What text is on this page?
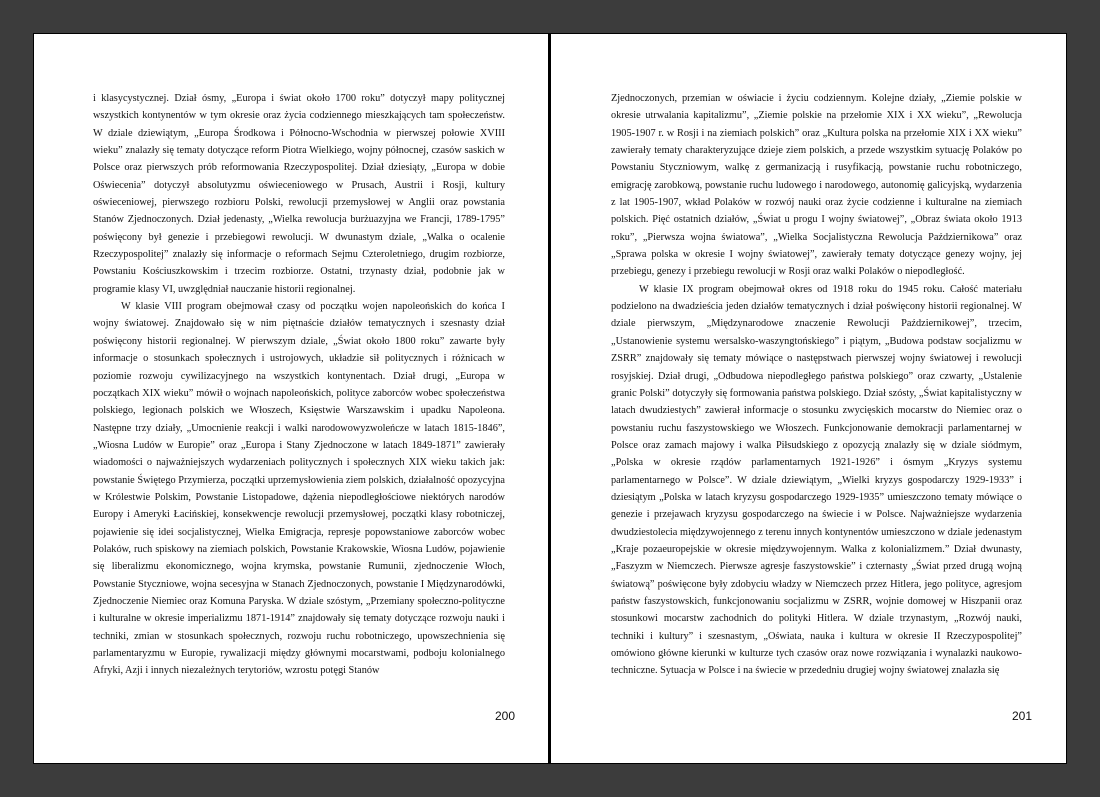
i klasycystycznej. Dział ósmy, „Europa i świat około 1700 roku” dotyczył mapy politycznej wszystkich kontynentów w tym okresie oraz życia codziennego mieszkających tam społeczeństw. W dziale dziewiątym, „Europa Środkowa i Północno-Wschodnia w pierwszej połowie XVIII wieku” znalazły się tematy dotyczące reform Piotra Wielkiego, wojny północnej, czasów saskich w Polsce oraz pierwszych prób reformowania Rzeczypospolitej. Dział dziesiąty, „Europa w dobie Oświecenia” dotyczył absolutyzmu oświeceniowego w Prusach, Austrii i Rosji, kultury oświeceniowej, pierwszego rozbioru Polski, rewolucji przemysłowej w Anglii oraz powstania Stanów Zjednoczonych. Dział jedenasty, „Wielka rewolucja burżuazyjna we Francji, 1789-1795” poświęcony był genezie i przebiegowi rewolucji. W dwunastym dziale, „Walka o ocalenie Rzeczypospolitej” znalazły się informacje o reformach Sejmu Czteroletniego, drugim rozbiorze, Powstaniu Kościuszkowskim i trzecim rozbiorze. Ostatni, trzynasty dział, podobnie jak w programie klasy VI, uwzględniał nauczanie historii regionalnej.

W klasie VIII program obejmował czasy od początku wojen napoleońskich do końca I wojny światowej. Znajdowało się w nim piętnaście działów tematycznych i szesnasty dział poświęcony historii regionalnej. W pierwszym dziale, „Świat około 1800 roku” zawarte były informacje o stosunkach społecznych i ustrojowych, układzie sił politycznych i różnicach w poziomie rozwoju cywilizacyjnego na wszystkich kontynentach. Dział drugi, „Europa w początkach XIX wieku” mówił o wojnach napoleońskich, polityce zaborców wobec społeczeństwa polskiego, legionach polskich we Włoszech, Księstwie Warszawskim i upadku Napoleona. Następne trzy działy, „Umocnienie reakcji i walki narodowowyzwoleńcze w latach 1815-1846”, „Wiosna Ludów w Europie” oraz „Europa i Stany Zjednoczone w latach 1849-1871” zawierały wiadomości o najważniejszych wydarzeniach politycznych i społecznych XIX wieku takich jak: powstanie Świętego Przymierza, początki uprzemysłowienia ziem polskich, działalność opozycyjna w Królestwie Polskim, Powstanie Listopadowe, dążenia niepodległościowe niektórych narodów Europy i Ameryki Łacińskiej, konsekwencje rewolucji przemysłowej, początki klasy robotniczej, pojawienie się idei socjalistycznej, Wielka Emigracja, represje popowstaniowe zaborców wobec Polaków, ruch spiskowy na ziemiach polskich, Powstanie Krakowskie, Wiosna Ludów, pojawienie się liberalizmu ekonomicznego, wojna krymska, powstanie Rumunii, zjednoczenie Włoch, Powstanie Styczniowe, wojna secesyjna w Stanach Zjednoczonych, powstanie I Międzynarodówki, Zjednoczenie Niemiec oraz Komuna Paryska. W dziale szóstym, „Przemiany społeczno-polityczne i kulturalne w okresie imperializmu 1871-1914” znajdowały się tematy dotyczące rozwoju nauki i techniki, zmian w stosunkach społecznych, rozwoju ruchu robotniczego, upowszechnienia się parlamentaryzmu w Europie, rywalizacji między głównymi mocarstwami, podboju kolonialnego Afryki, Azji i innych niezależnych terytoriów, wzrostu potęgi Stanów

200

Zjednoczonych, przemian w oświacie i życiu codziennym. Kolejne działy, „Ziemie polskie w okresie utrwalania kapitalizmu”, „Ziemie polskie na przełomie XIX i XX wieku”, „Rewolucja 1905-1907 r. w Rosji i na ziemiach polskich” oraz „Kultura polska na przełomie XIX i XX wieku” zawierały tematy charakteryzujące dzieje ziem polskich, a przede wszystkim sytuację Polaków po Powstaniu Styczniowym, walkę z germanizacją i rusyfikacją, powstanie ruchu robotniczego, emigrację zarobkową, powstanie ruchu ludowego i narodowego, autonomię galicyjską, wydarzenia z lat 1905-1907, wkład Polaków w rozwój nauki oraz życie codzienne i kulturalne na ziemiach polskich. Pięć ostatnich działów, „Świat u progu I wojny światowej”, „Obraz świata około 1913 roku”, „Pierwsza wojna światowa”, „Wielka Socjalistyczna Rewolucja Październikowa” oraz „Sprawa polska w okresie I wojny światowej”, zawierały tematy dotyczące genezy wojny, jej przebiegu, genezy i przebiegu rewolucji w Rosji oraz walki Polaków o niepodległość.

W klasie IX program obejmował okres od 1918 roku do 1945 roku. Całość materiału podzielono na dwadzieścia jeden działów tematycznych i dział poświęcony historii regionalnej. W dziale pierwszym, „Międzynarodowe znaczenie Rewolucji Październikowej”, trzecim, „Ustanowienie systemu wersalsko-waszyngtońskiego” i piątym, „Budowa podstaw socjalizmu w ZSRR” znajdowały się tematy mówiące o następstwach pierwszej wojny światowej i rewolucji rosyjskiej. Dział drugi, „Odbudowa niepodległego państwa polskiego” oraz czwarty, „Ustalenie granic Polski” dotyczyły się formowania państwa polskiego. Dział szósty, „Świat kapitalistyczny w latach dwudziestych” zawierał informacje o stosunku zwycięskich mocarstw do Niemiec oraz o powstaniu ruchu faszystowskiego we Włoszech. Funkcjonowanie demokracji parlamentarnej w Polsce oraz zamach majowy i walka Piłsudskiego z opozycją znalazły się w dziale siódmym, „Polska w okresie rządów parlamentarnych 1921-1926” i ósmym „Kryzys systemu parlamentarnego w Polsce”. W dziale dziewiątym, „Wielki kryzys gospodarczy 1929-1933” i dziesiątym „Polska w latach kryzysu gospodarczego 1929-1935” umieszczono tematy mówiące o genezie i przejawach kryzysu gospodarczego na świecie i w Polsce. Najważniejsze wydarzenia dwudziestolecia międzywojennego z terenu innych kontynentów umieszczono w dziale jedenastym „Kraje pozaeuropejskie w okresie międzywojennym. Walka z kolonializmem.” Dział dwunasty, „Faszyzm w Niemczech. Pierwsze agresje faszystowskie” i czternasty „Świat przed drugą wojną światową” poświęcone były zdobyciu władzy w Niemczech przez Hitlera, jego polityce, agresjom państw faszystowskich, funkcjonowaniu socjalizmu w ZSRR, wojnie domowej w Hiszpanii oraz stosunkowi mocarstw zachodnich do polityki Hitlera. W dziale trzynastym, „Rozwój nauki, techniki i kultury” i szesnastym, „Oświata, nauka i kultura w okresie II Rzeczypospolitej” omówiono główne kierunki w kulturze tych czasów oraz nowe rozwiązania i wynalazki naukowo-techniczne. Sytuacja w Polsce i na świecie w przededniu drugiej wojny światowej znalazła się

201
